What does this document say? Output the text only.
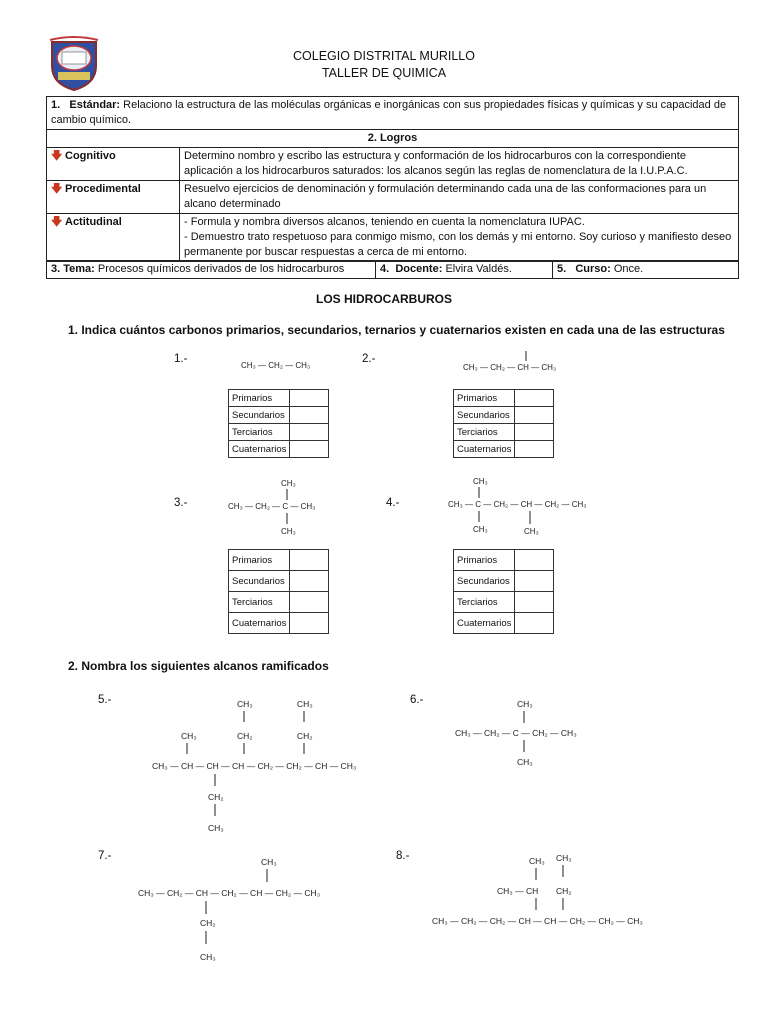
COLEGIO DISTRITAL MURILLO
TALLER DE QUIMICA
1. Estándar: Relaciono la estructura de las moléculas orgánicas e inorgánicas con sus propiedades físicas y químicas y su capacidad de cambio químico.	
2. Logros	
🡇 Cognitivo	Determino nombro y escribo las estructura y conformación de los hidrocarburos con la correspondiente aplicación a los hidrocarburos saturados: los alcanos según las reglas de nomenclatura de la I.U.P.A.C.
🡇 Procedimental	Resuelvo ejercicios de denominación y formulación determinando cada una de las conformaciones para un alcano determinado
🡇 Actitudinal	- Formula y nombra diversos alcanos, teniendo en cuenta la nomenclatura IUPAC.
- Demuestro trato respetuoso para conmigo mismo, con los demás y mi entorno. Soy curioso y manifiesto deseo permanente por buscar respuestas a cerca de mi entorno.
3. Tema: Procesos químicos derivados de los hidrocarburos	4. Docente: Elvira Valdés.	5. Curso: Once.
LOS HIDROCARBUROS
1. Indica cuántos carbonos primarios, secundarios, ternarios y cuaternarios existen en cada una de las estructuras
1.-	2.-
3.-	4.-
CH₃ — CH₂ — CH₃	CH₃ — CH₂ — CH — CH₃
CH₃
CH₃ — CH₂ — C — CH₃
CH₃
CH₃
CH₃ — C — CH₂ — CH — CH₂ — CH₃
CH₃	CH₃
Primarios	
Secundarios	
Terciarios	
Cuaternarios	
Primarios	
Secundarios	
Terciarios	
Cuaternarios	
Primarios	
Secundarios	
Terciarios	
Cuaternarios	
Primarios	
Secundarios	
Terciarios	
Cuaternarios	
2. Nombra los siguientes alcanos ramificados
5.-	6.-
7.-	8.-
CH₃	CH₃
CH₃	CH₂	CH₂
CH₃ — CH — CH — CH — CH₂ — CH₂ — CH — CH₃
CH₂
CH₃
CH₃
CH₃ — CH₂ — C — CH₂ — CH₃
CH₃
CH₃
CH₃ — CH₂ — CH — CH₂ — CH — CH₂ — CH₃
CH₂
CH₃
CH₃ CH₃
CH₃ — CH CH₂
CH₃ — CH₂ — CH₂ — CH — CH — CH₂ — CH₂ — CH₃
